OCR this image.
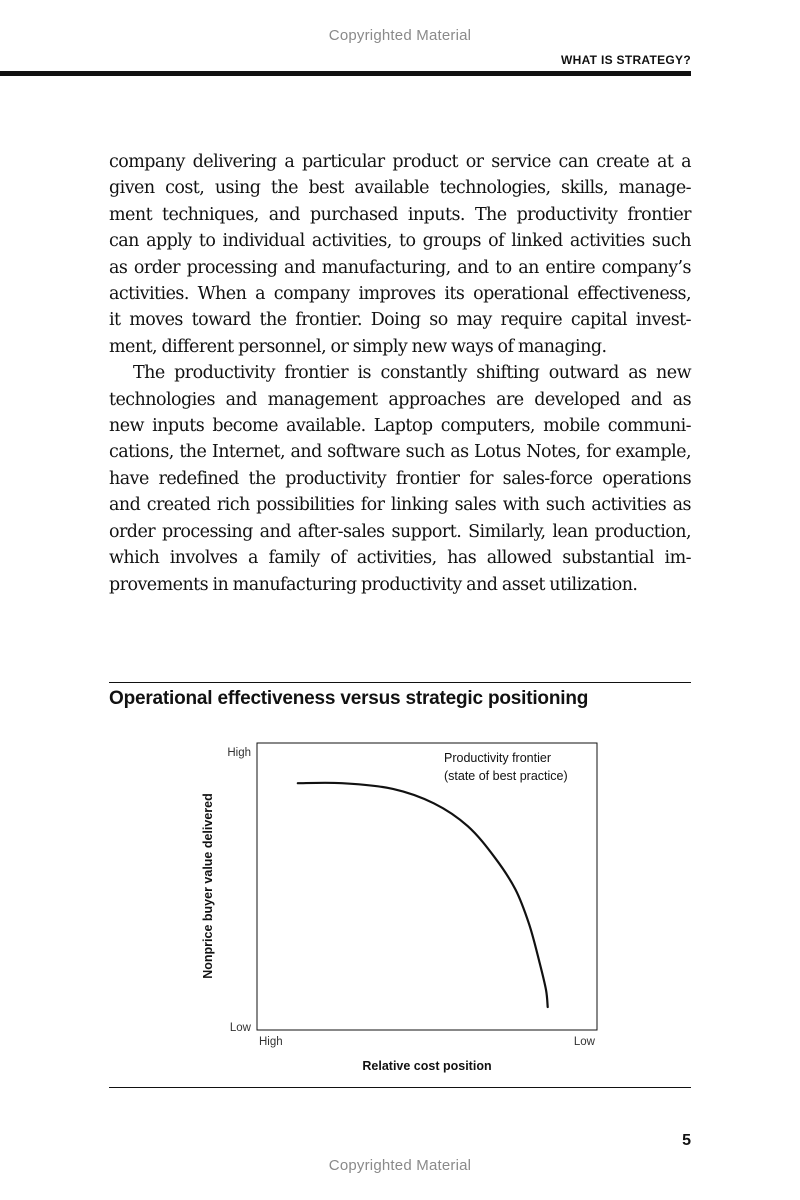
Copyrighted Material
WHAT IS STRATEGY?
company delivering a particular product or service can create at a
given cost, using the best available technologies, skills, manage-
ment techniques, and purchased inputs. The productivity frontier
can apply to individual activities, to groups of linked activities such
as order processing and manufacturing, and to an entire company’s
activities. When a company improves its operational effectiveness,
it moves toward the frontier. Doing so may require capital invest-
ment, different personnel, or simply new ways of managing.
The productivity frontier is constantly shifting outward as new
technologies and management approaches are developed and as
new inputs become available. Laptop computers, mobile communi-
cations, the Internet, and software such as Lotus Notes, for example,
have redefined the productivity frontier for sales-force operations
and created rich possibilities for linking sales with such activities as
order processing and after-sales support. Similarly, lean production,
which involves a family of activities, has allowed substantial im-
provements in manufacturing productivity and asset utilization.
Operational effectiveness versus strategic positioning
Productivity frontier
(state of best practice)
High
Low
High	Low
Relative cost position
Nonprice buyer value delivered
5
Copyrighted Material
